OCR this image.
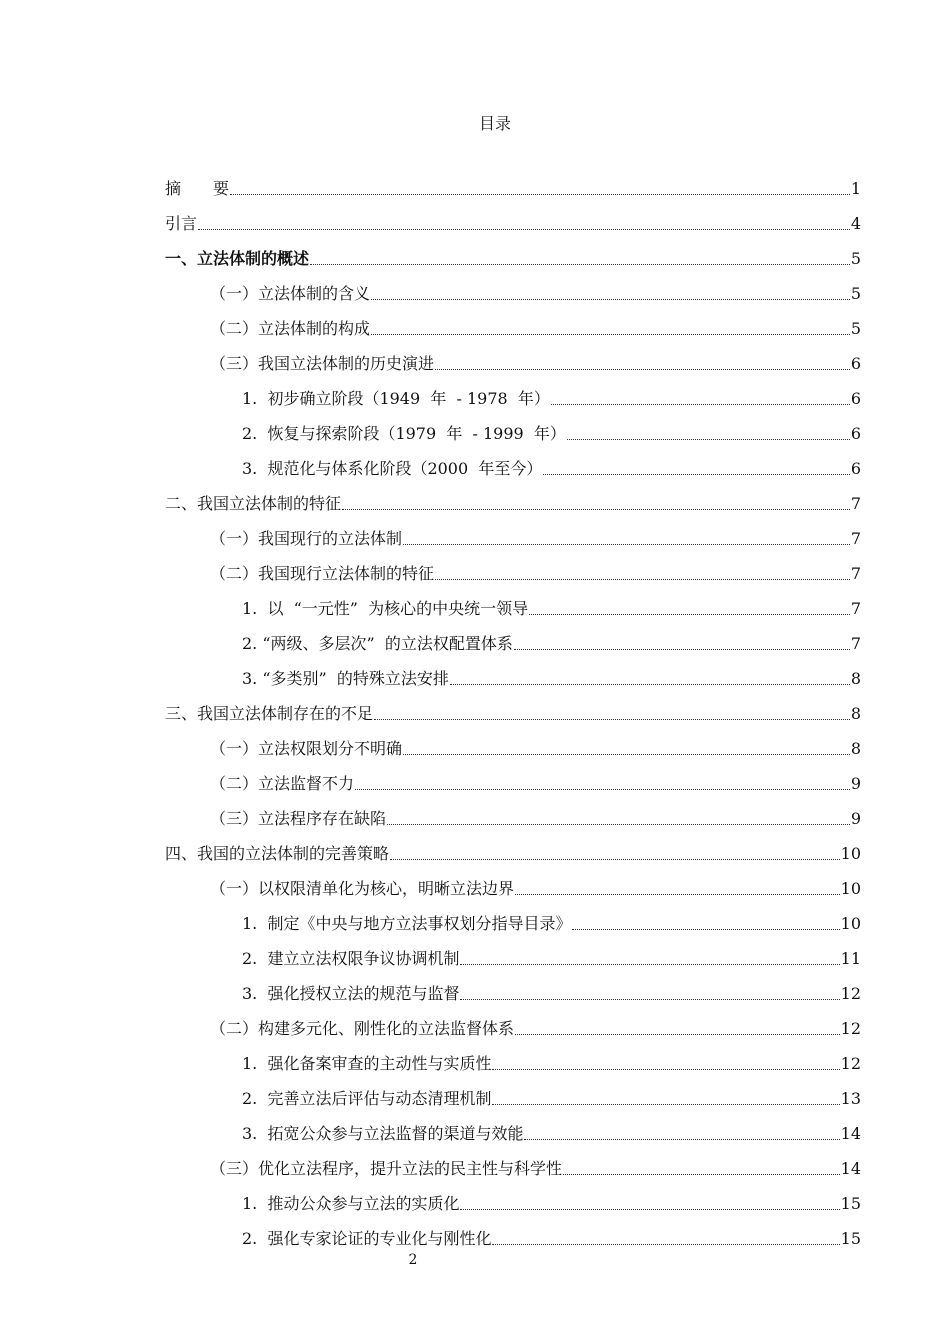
目录
摘　　要	1
引言	4
一、立法体制的概述	5
（一）立法体制的含义	5
（二）立法体制的构成	5
（三）我国立法体制的历史演进	6
1.  初步确立阶段（1949  年  - 1978  年）	6
2.  恢复与探索阶段（1979  年  - 1999  年）	6
3.  规范化与体系化阶段（2000  年至今）	6
二、我国立法体制的特征	7
（一）我国现行的立法体制	7
（二）我国现行立法体制的特征	7
1.  以  “一元性”  为核心的中央统一领导	7
2. “两级、多层次”  的立法权配置体系	7
3. “多类别”  的特殊立法安排	8
三、我国立法体制存在的不足	8
（一）立法权限划分不明确	8
（二）立法监督不力	9
（三）立法程序存在缺陷	9
四、我国的立法体制的完善策略	10
（一）以权限清单化为核心，明晰立法边界	10
1.  制定《中央与地方立法事权划分指导目录》	10
2.  建立立法权限争议协调机制	11
3.  强化授权立法的规范与监督	12
（二）构建多元化、刚性化的立法监督体系	12
1.  强化备案审查的主动性与实质性	12
2.  完善立法后评估与动态清理机制	13
3.  拓宽公众参与立法监督的渠道与效能	14
（三）优化立法程序，提升立法的民主性与科学性	14
1.  推动公众参与立法的实质化	15
2.  强化专家论证的专业化与刚性化	15
2
